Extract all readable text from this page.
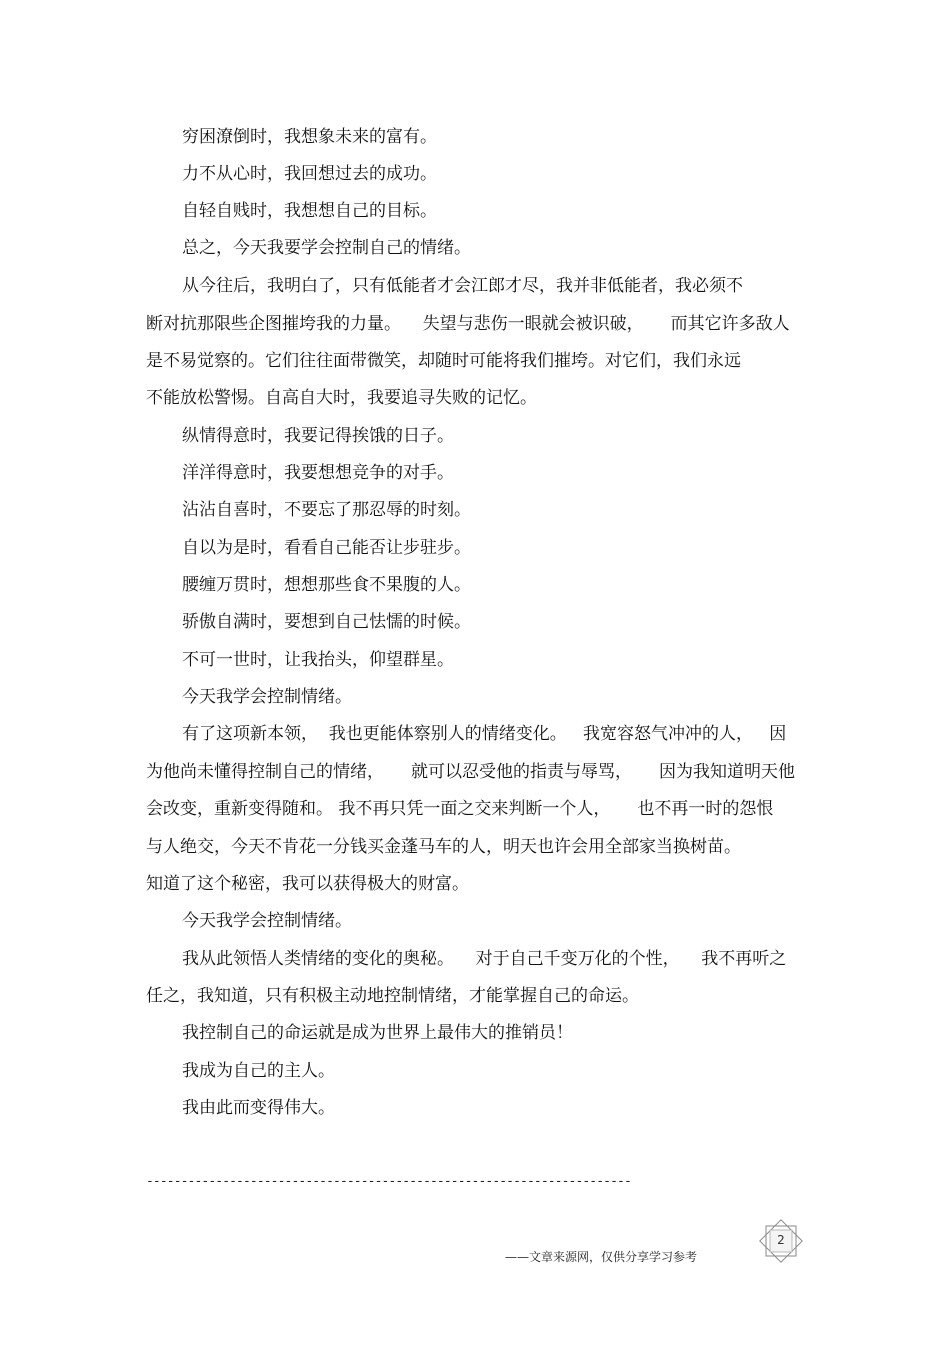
穷困潦倒时，我想象未来的富有。

力不从心时，我回想过去的成功。

自轻自贱时，我想想自己的目标。

总之，今天我要学会控制自己的情绪。

从今往后，我明白了，只有低能者才会江郎才尽，我并非低能者，我必须不

断对抗那限些企图摧垮我的力量。    失望与悲伤一眼就会被识破，     而其它许多敌人

是不易觉察的。它们往往面带微笑，却随时可能将我们摧垮。对它们，我们永远

不能放松警惕。自高自大时，我要追寻失败的记忆。

纵情得意时，我要记得挨饿的日子。

洋洋得意时，我要想想竞争的对手。

沾沾自喜时，不要忘了那忍辱的时刻。

自以为是时，看看自己能否让步驻步。

腰缠万贯时，想想那些食不果腹的人。

骄傲自满时，要想到自己怯懦的时候。

不可一世时，让我抬头，仰望群星。

今天我学会控制情绪。

有了这项新本领，  我也更能体察别人的情绪变化。   我宽容怒气冲冲的人，   因

为他尚未懂得控制自己的情绪，     就可以忍受他的指责与辱骂，     因为我知道明天他

会改变，重新变得随和。 我不再只凭一面之交来判断一个人，     也不再一时的怨恨

与人绝交，今天不肯花一分钱买金蓬马车的人，明天也许会用全部家当换树苗。

知道了这个秘密，我可以获得极大的财富。

今天我学会控制情绪。

我从此领悟人类情绪的变化的奥秘。    对于自己千变万化的个性，    我不再听之

任之，我知道，只有积极主动地控制情绪，才能掌握自己的命运。

我控制自己的命运就是成为世界上最伟大的推销员！

我成为自己的主人。

我由此而变得伟大。

----------------------------------------------------------------------

2

——文章来源网，仅供分享学习参考
